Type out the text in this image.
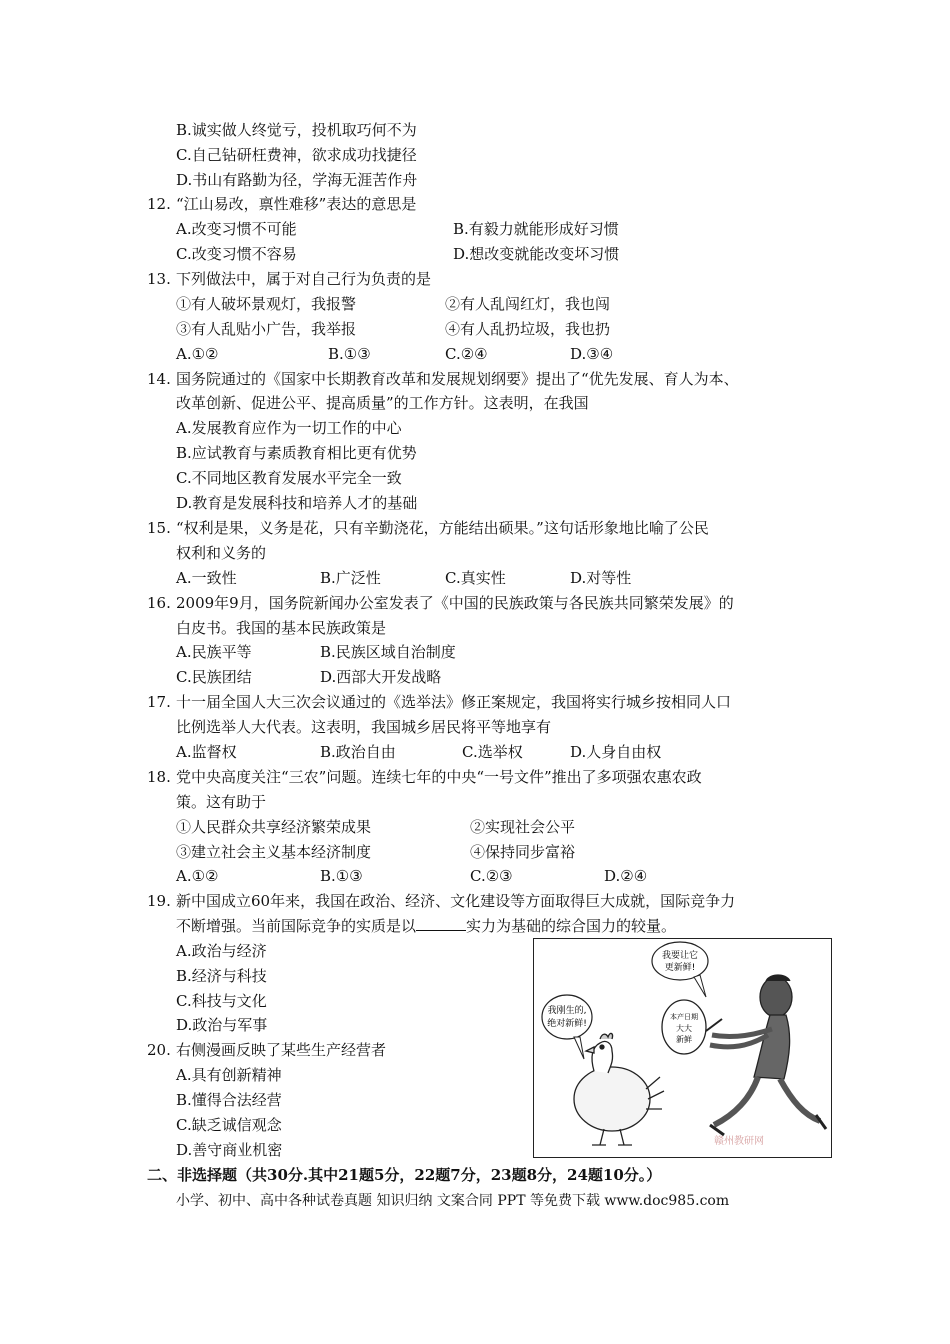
B.诚实做人终觉亏，投机取巧何不为
C.自己钻研枉费神，欲求成功找捷径
D.书山有路勤为径，学海无涯苦作舟
12. “江山易改，禀性难移”表达的意思是
A.改变习惯不可能	B.有毅力就能形成好习惯
C.改变习惯不容易	D.想改变就能改变坏习惯
13. 下列做法中，属于对自己行为负责的是
①有人破坏景观灯，我报警	②有人乱闯红灯，我也闯
③有人乱贴小广告，我举报	④有人乱扔垃圾，我也扔
A.①②	B.①③	C.②④	D.③④
14. 国务院通过的《国家中长期教育改革和发展规划纲要》提出了“优先发展、育人为本、
改革创新、促进公平、提高质量”的工作方针。这表明，在我国
A.发展教育应作为一切工作的中心
B.应试教育与素质教育相比更有优势
C.不同地区教育发展水平完全一致
D.教育是发展科技和培养人才的基础
15. “权利是果，义务是花，只有辛勤浇花，方能结出硕果。”这句话形象地比喻了公民
权利和义务的
A.一致性	B.广泛性	C.真实性	D.对等性
16. 2009年9月，国务院新闻办公室发表了《中国的民族政策与各民族共同繁荣发展》的
白皮书。我国的基本民族政策是
A.民族平等	B.民族区域自治制度
C.民族团结	D.西部大开发战略
17. 十一届全国人大三次会议通过的《选举法》修正案规定，我国将实行城乡按相同人口
比例选举人大代表。这表明，我国城乡居民将平等地享有
A.监督权	B.政治自由	C.选举权	D.人身自由权
18. 党中央高度关注“三农”问题。连续七年的中央“一号文件”推出了多项强农惠农政
策。这有助于
①人民群众共享经济繁荣成果	②实现社会公平
③建立社会主义基本经济制度	④保持同步富裕
A.①②	B.①③	C.②③	D.②④
19. 新中国成立60年来，我国在政治、经济、文化建设等方面取得巨大成就，国际竞争力
不断增强。当前国际竞争的实质是以	实力为基础的综合国力的较量。
A.政治与经济
B.经济与科技
C.科技与文化
D.政治与军事
20. 右侧漫画反映了某些生产经营者
A.具有创新精神
B.懂得合法经营
C.缺乏诚信观念
D.善守商业机密
我刚生的,
绝对新鲜!
我要让它
更新鲜!
本产日期
大大
新鲜
赣州教研网
二、非选择题（共30分.其中21题5分，22题7分，23题8分，24题10分。）
小学、初中、高中各种试卷真题 知识归纳 文案合同 PPT 等免费下载 www.doc985.com
